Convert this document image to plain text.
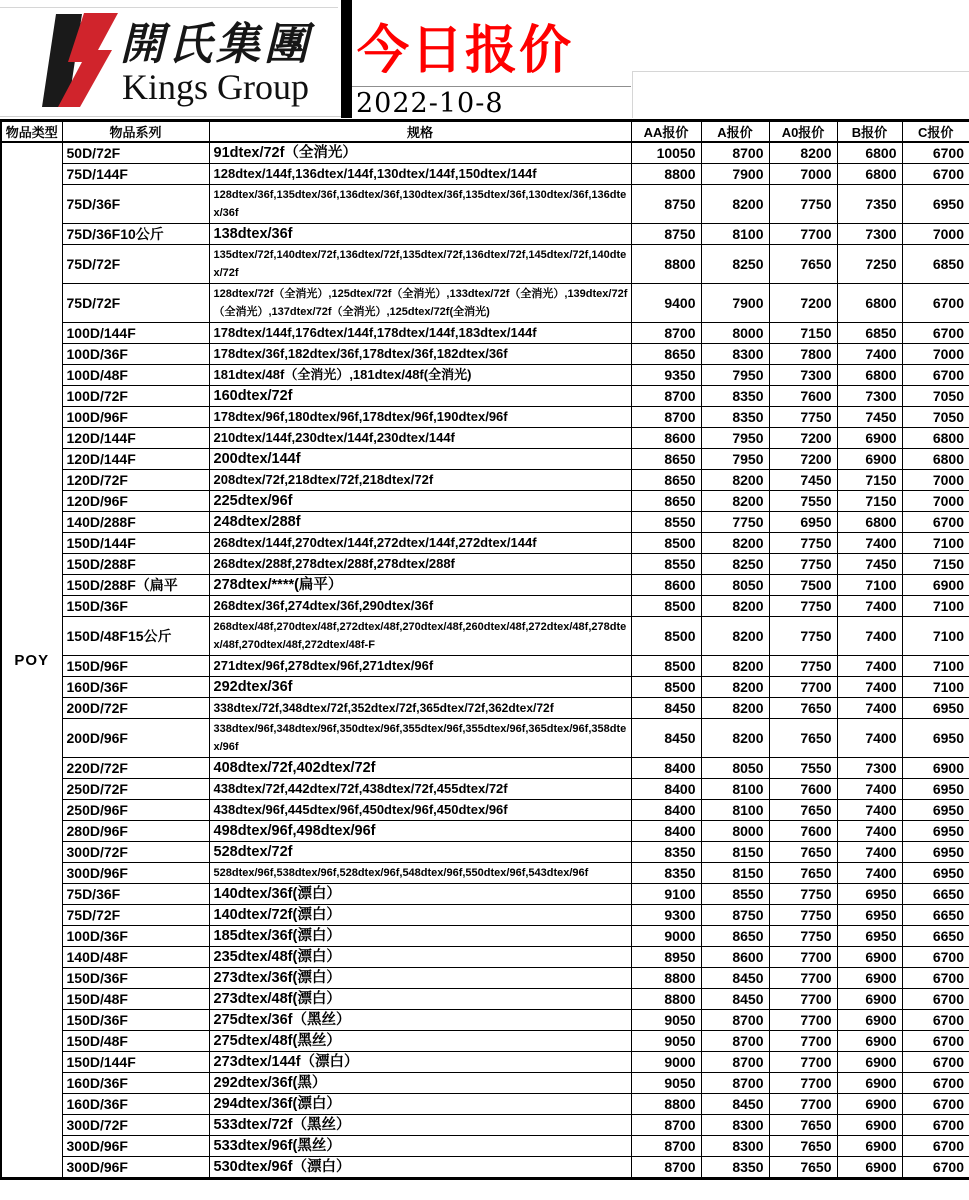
開氏集團
Kings Group
今日报价
2022-10-8
物品类型	物品系列	规格	AA报价	A报价	A0报价	B报价	C报价
POY	50D/72F	91dtex/72f（全消光）	10050	8700	8200	6800	6700
	75D/144F	128dtex/144f,136dtex/144f,130dtex/144f,150dtex/144f	8800	7900	7000	6800	6700
	75D/36F	128dtex/36f,135dtex/36f,136dtex/36f,130dtex/36f,135dtex/36f,130dtex/36f,136dtex/36f	8750	8200	7750	7350	6950
	75D/36F10公斤	138dtex/36f	8750	8100	7700	7300	7000
	75D/72F	135dtex/72f,140dtex/72f,136dtex/72f,135dtex/72f,136dtex/72f,145dtex/72f,140dtex/72f	8800	8250	7650	7250	6850
	75D/72F	128dtex/72f（全消光）,125dtex/72f（全消光）,133dtex/72f（全消光）,139dtex/72f（全消光）,137dtex/72f（全消光）,125dtex/72f(全消光)	9400	7900	7200	6800	6700
	100D/144F	178dtex/144f,176dtex/144f,178dtex/144f,183dtex/144f	8700	8000	7150	6850	6700
	100D/36F	178dtex/36f,182dtex/36f,178dtex/36f,182dtex/36f	8650	8300	7800	7400	7000
	100D/48F	181dtex/48f（全消光）,181dtex/48f(全消光)	9350	7950	7300	6800	6700
	100D/72F	160dtex/72f	8700	8350	7600	7300	7050
	100D/96F	178dtex/96f,180dtex/96f,178dtex/96f,190dtex/96f	8700	8350	7750	7450	7050
	120D/144F	210dtex/144f,230dtex/144f,230dtex/144f	8600	7950	7200	6900	6800
	120D/144F	200dtex/144f	8650	7950	7200	6900	6800
	120D/72F	208dtex/72f,218dtex/72f,218dtex/72f	8650	8200	7450	7150	7000
	120D/96F	225dtex/96f	8650	8200	7550	7150	7000
	140D/288F	248dtex/288f	8550	7750	6950	6800	6700
	150D/144F	268dtex/144f,270dtex/144f,272dtex/144f,272dtex/144f	8500	8200	7750	7400	7100
	150D/288F	268dtex/288f,278dtex/288f,278dtex/288f	8550	8250	7750	7450	7150
	150D/288F（扁平	278dtex/****(扁平）	8600	8050	7500	7100	6900
	150D/36F	268dtex/36f,274dtex/36f,290dtex/36f	8500	8200	7750	7400	7100
	150D/48F15公斤	268dtex/48f,270dtex/48f,272dtex/48f,270dtex/48f,260dtex/48f,272dtex/48f,278dtex/48f,270dtex/48f,272dtex/48f-F	8500	8200	7750	7400	7100
	150D/96F	271dtex/96f,278dtex/96f,271dtex/96f	8500	8200	7750	7400	7100
	160D/36F	292dtex/36f	8500	8200	7700	7400	7100
	200D/72F	338dtex/72f,348dtex/72f,352dtex/72f,365dtex/72f,362dtex/72f	8450	8200	7650	7400	6950
	200D/96F	338dtex/96f,348dtex/96f,350dtex/96f,355dtex/96f,355dtex/96f,365dtex/96f,358dtex/96f	8450	8200	7650	7400	6950
	220D/72F	408dtex/72f,402dtex/72f	8400	8050	7550	7300	6900
	250D/72F	438dtex/72f,442dtex/72f,438dtex/72f,455dtex/72f	8400	8100	7600	7400	6950
	250D/96F	438dtex/96f,445dtex/96f,450dtex/96f,450dtex/96f	8400	8100	7650	7400	6950
	280D/96F	498dtex/96f,498dtex/96f	8400	8000	7600	7400	6950
	300D/72F	528dtex/72f	8350	8150	7650	7400	6950
	300D/96F	528dtex/96f,538dtex/96f,528dtex/96f,548dtex/96f,550dtex/96f,543dtex/96f	8350	8150	7650	7400	6950
	75D/36F	140dtex/36f(漂白）	9100	8550	7750	6950	6650
	75D/72F	140dtex/72f(漂白）	9300	8750	7750	6950	6650
	100D/36F	185dtex/36f(漂白）	9000	8650	7750	6950	6650
	140D/48F	235dtex/48f(漂白）	8950	8600	7700	6900	6700
	150D/36F	273dtex/36f(漂白）	8800	8450	7700	6900	6700
	150D/48F	273dtex/48f(漂白）	8800	8450	7700	6900	6700
	150D/36F	275dtex/36f（黑丝）	9050	8700	7700	6900	6700
	150D/48F	275dtex/48f(黑丝）	9050	8700	7700	6900	6700
	150D/144F	273dtex/144f（漂白）	9000	8700	7700	6900	6700
	160D/36F	292dtex/36f(黑）	9050	8700	7700	6900	6700
	160D/36F	294dtex/36f(漂白）	8800	8450	7700	6900	6700
	300D/72F	533dtex/72f（黑丝）	8700	8300	7650	6900	6700
	300D/96F	533dtex/96f(黑丝）	8700	8300	7650	6900	6700
	300D/96F	530dtex/96f（漂白）	8700	8350	7650	6900	6700
